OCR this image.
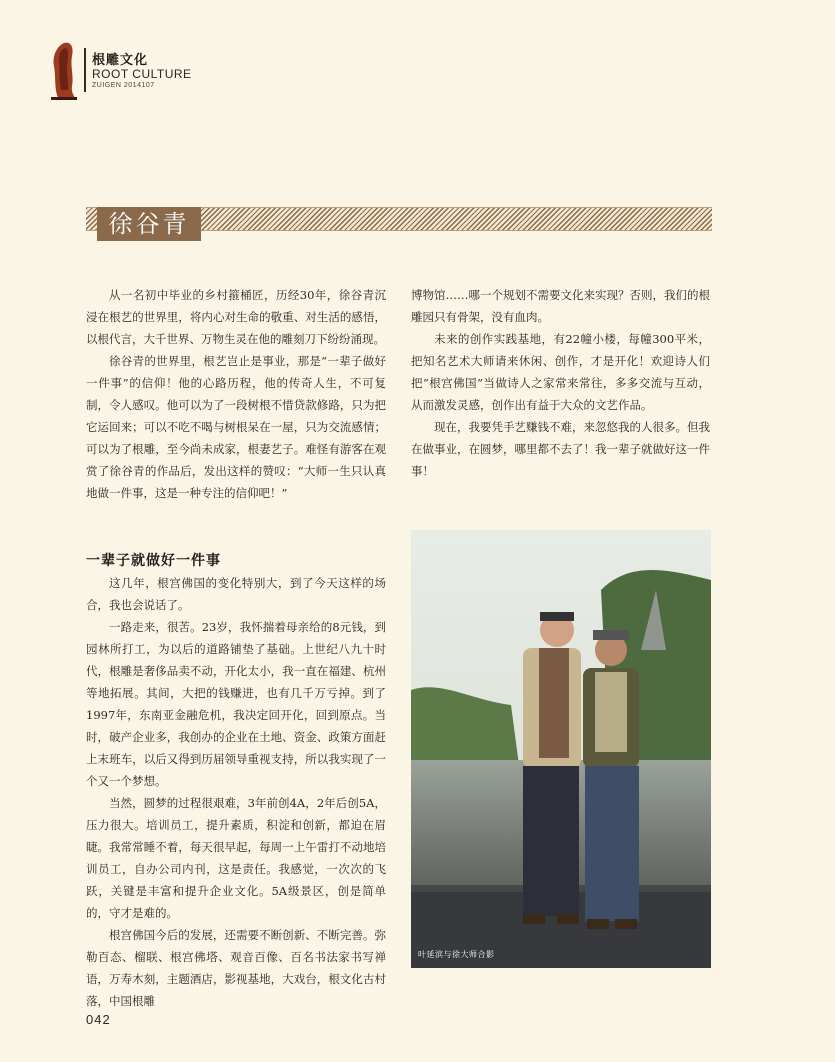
根雕文化
ROOT CULTURE
ZUIGEN 2014107
徐谷青

从一名初中毕业的乡村箍桶匠，历经30年，徐谷青沉浸在根艺的世界里，将内心对生命的敬重、对生活的感悟，以根代言，大千世界、万物生灵在他的雕刻刀下纷纷涌现。

徐谷青的世界里，根艺岂止是事业，那是“一辈子做好一件事”的信仰！他的心路历程，他的传奇人生，不可复制，令人感叹。他可以为了一段树根不惜贷款修路，只为把它运回来；可以不吃不喝与树根呆在一屋，只为交流感情；可以为了根雕，至今尚未成家，根妻艺子。难怪有游客在观赏了徐谷青的作品后，发出这样的赞叹：“大师一生只认真地做一件事，这是一种专注的信仰吧！”

一辈子就做好一件事

这几年，根宫佛国的变化特别大，到了今天这样的场合，我也会说话了。

一路走来，很苦。23岁，我怀揣着母亲给的8元钱，到园林所打工，为以后的道路铺垫了基础。上世纪八九十时代，根雕是奢侈品卖不动，开化太小，我一直在福建、杭州等地拓展。其间，大把的钱赚进，也有几千万亏掉。到了1997年，东南亚金融危机，我决定回开化，回到原点。当时，破产企业多，我创办的企业在土地、资金、政策方面赶上末班车，以后又得到历届领导重视支持，所以我实现了一个又一个梦想。

当然，圆梦的过程很艰难，3年前创4A，2年后创5A，压力很大。培训员工，提升素质，积淀和创新，都迫在眉睫。我常常睡不着，每天很早起，每周一上午雷打不动地培训员工，自办公司内刊，这是责任。我感觉，一次次的飞跃，关键是丰富和提升企业文化。5A级景区，创是简单的，守才是难的。

根宫佛国今后的发展，还需要不断创新、不断完善。弥勒百态、榴联、根宫佛塔、观音百像、百名书法家书写禅语，万寿木刻，主题酒店，影视基地，大戏台，根文化古村落，中国根雕

博物馆……哪一个规划不需要文化来实现？否则，我们的根雕园只有骨架，没有血肉。

未来的创作实践基地，有22幢小楼，每幢300平米，把知名艺术大师请来休闲、创作，才是开化！欢迎诗人们把“根宫佛国”当做诗人之家常来常往，多多交流与互动，从而激发灵感，创作出有益于大众的文艺作品。

现在，我要凭手艺赚钱不难，来忽悠我的人很多。但我在做事业，在圆梦，哪里都不去了！我一辈子就做好这一件事！

叶延滨与徐大师合影
042
